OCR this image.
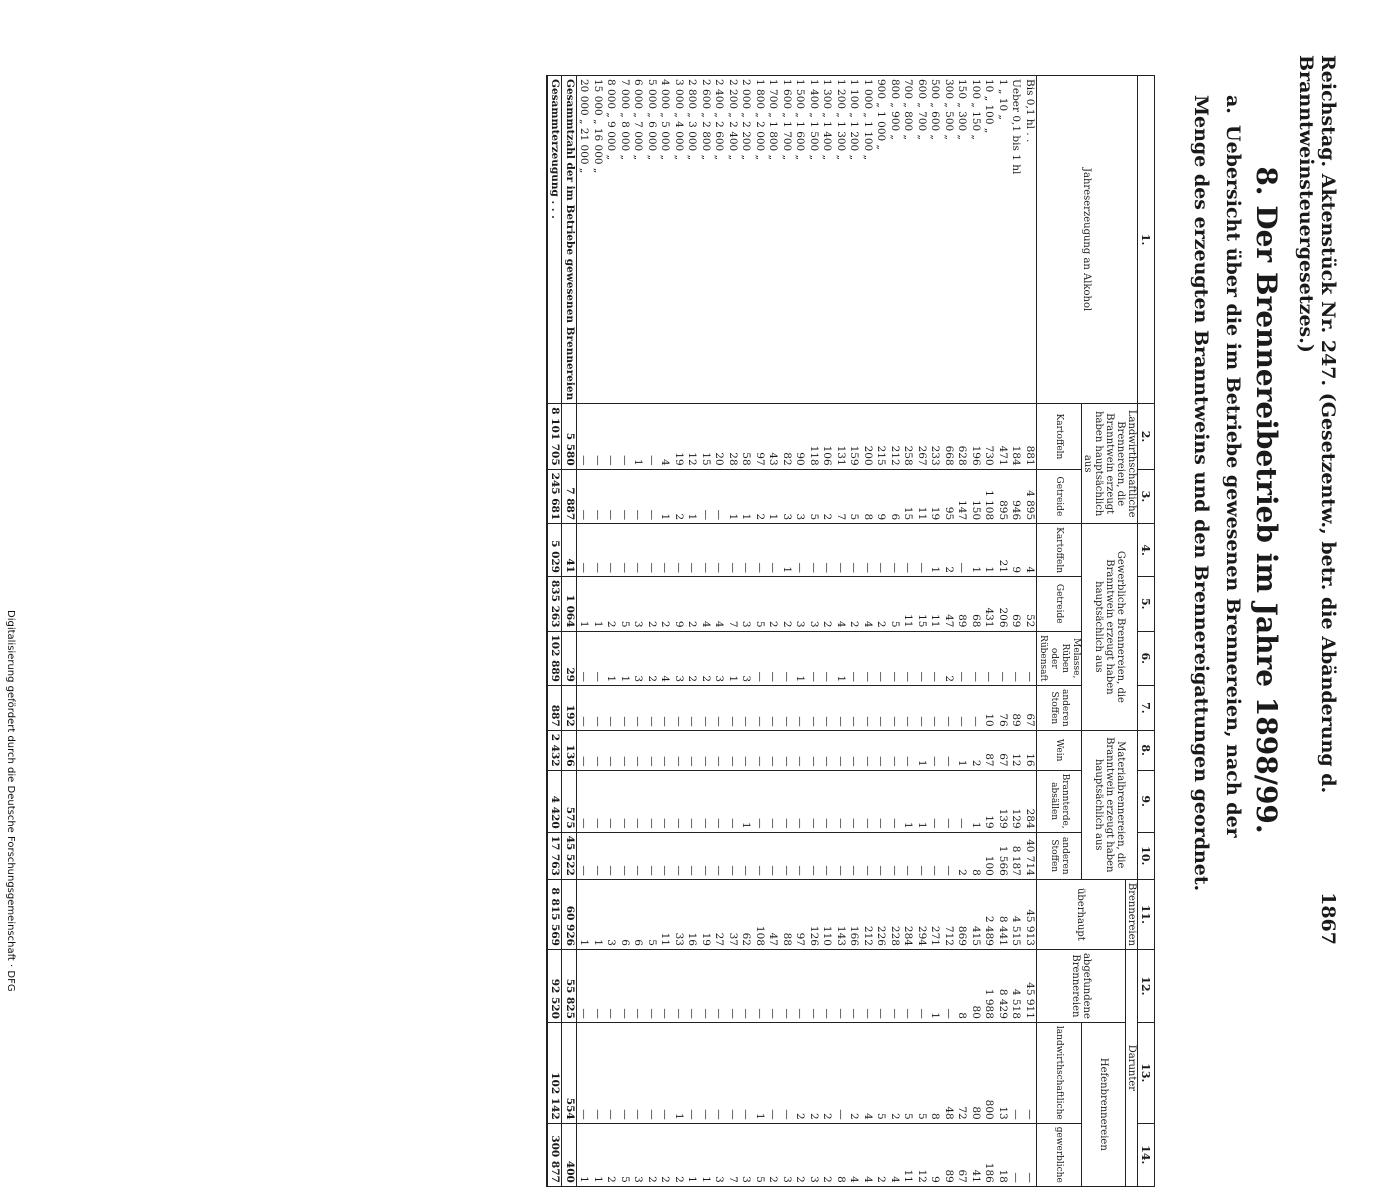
Reichstag. Aktenstück Nr. 247. (Gesetzentw., betr. die Abänderung d. Branntweinsteuergesetzes.)
1867
8. Der Brennereibetrieb im Jahre 1898/99.
a.Uebersicht über die im Betriebe gewesenen Brennereien, nach der Menge des erzeugten Branntweins und den Brennereigattungen geordnet.
1.	2.	3.	4.	5.	6.	7.	8.	9.	10.	11.	12.	13.	14.
Jahreserzeugung an Alkohol	Landwirthschaftliche Brennereien, die Branntwein erzeugt haben hauptsächlich aus		Gewerbliche Brennereien, die Branntwein erzeugt haben hauptsächlich aus				Materialbrennereien, die Branntwein erzeugt haben hauptsächlich aus			Brennereien	Darunter		
										überhaupt	abgefundene Brennereien	Hefenbrennereien	
	Kartoffeln	Getreide	Kartoffeln	Getreide	Melasse, Rüben oder Rübensaft	anderen Stoffen	Wein	Brannterde, absällen	anderen Stoffen			landwirthschaftliche	gewerbliche
Bis 0,1 hl . .	881	4 895	4	52	—	67	16	284	40 714	45 913	45 911	—	—
Ueber 0,1 bis 1 hl	184	946	9	69	—	89	12	129	8 187	4 515	4 518	—	—
1 „ 10 „	471	895	21	206	—	76	67	139	1 566	8 441	8 429	13	18
10 „ 100 „	730	1 108	1	431	—	10	87	19	100	2 489	1 988	800	186
100 „ 150 „	196	150	1	68	—	—	2	1	8	415	80	80	41
150 „ 300 „	628	147	—	89	—	—	1	—	2	869	8	72	67
300 „ 500 „	668	95	2	47	2	—	—	—	—	712	—	48	89
500 „ 600 „	233	19	1	11	—	—	—	—	—	271	1	8	9
600 „ 700 „	267	11	—	15	—	—	1	1	—	294	—	5	12
700 „ 800 „	258	15	—	11	—	—	—	1	—	284	—	5	11
800 „ 900 „	212	6	—	5	—	—	—	—	—	228	—	2	4
900 „ 1 000 „	215	9	—	2	—	—	—	—	—	226	—	5	2
1 000 „ 1 100 „	200	8	—	4	—	—	—	—	—	212	—	4	4
1 100 „ 1 200 „	159	5	—	2	—	—	—	—	—	166	—	2	4
1 200 „ 1 300 „	131	7	—	4	1	—	—	—	—	143	—	—	8
1 300 „ 1 400 „	106	2	—	2	—	—	—	—	—	110	—	2	2
1 400 „ 1 500 „	118	5	—	3	—	—	—	—	—	126	—	2	3
1 500 „ 1 600 „	90	3	—	3	1	—	—	—	—	97	—	2	2
1 600 „ 1 700 „	82	3	1	2	—	—	—	—	—	88	—	—	3
1 700 „ 1 800 „	43	1	—	2	—	—	—	—	—	47	—	—	2
1 800 „ 2 000 „	97	2	—	5	—	—	—	—	—	108	—	1	5
2 000 „ 2 200 „	58	1	—	3	3	—	—	1	—	62	—	—	3
2 200 „ 2 400 „	28	1	—	7	1	—	—	—	—	37	—	—	7
2 400 „ 2 600 „	20	—	—	4	3	—	—	—	—	27	—	—	3
2 600 „ 2 800 „	15	—	—	4	2	—	—	—	—	19	—	—	1
2 800 „ 3 000 „	12	1	—	2	2	—	—	—	—	16	—	—	1
3 000 „ 4 000 „	19	2	—	9	3	—	—	—	—	33	—	1	2
4 000 „ 5 000 „	4	1	—	2	4	—	—	—	—	11	—	—	2
5 000 „ 6 000 „	—	—	—	2	2	—	—	—	—	5	—	—	2
6 000 „ 7 000 „	1	—	—	3	3	—	—	—	—	6	—	—	3
7 000 „ 8 000 „	—	—	—	5	1	—	—	—	—	6	—	—	5
8 000 „ 9 000 „	—	—	—	2	1	—	—	—	—	3	—	—	2
15 000 „ 16 000 „	—	—	—	1	—	—	—	—	—	1	—	—	1
20 000 „ 21 000 „	—	—	—	1	—	—	—	—	—	1	—	—	1
Gesammtzahl der im Betriebe gewesenen Brennereien	5 580	7 887	41	1 064	29	192	136	575	45 522	60 926	55 825	554	400
Gesammterzeugung . . .	8 101 705	245 681	5 029	835 263	102 889	887	2 432	4 420	17 763	8 815 569	92 520	102 142	300 877
Digitalisierung gefördert durch die Deutsche Forschungsgemeinschaft · DFG
